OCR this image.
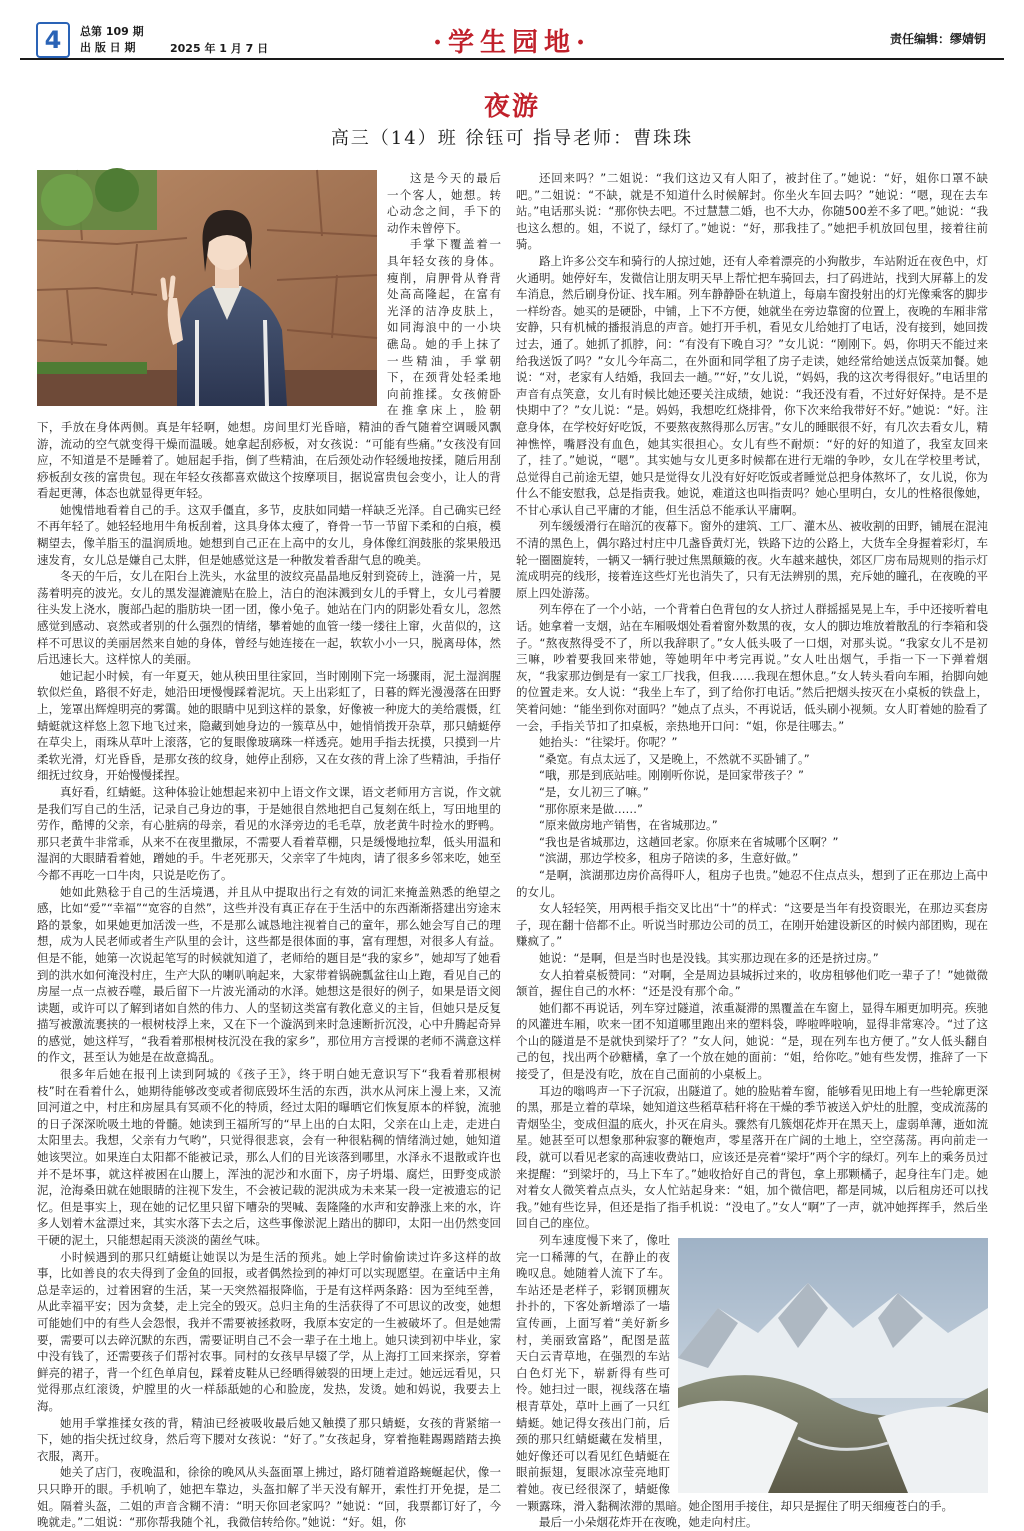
4	总第 109 期
出 版 日 期	2025 年 1 月 7 日	·学生园地·	责任编辑：缪婧钥
夜游
高三（14）班 徐钰可 指导老师：曹珠珠

这是今天的最后一个客人，她想。转心动念之间，手下的动作未曾停下。

手掌下覆盖着一具年轻女孩的身体。瘦削，肩胛骨从脊背处高高隆起，在富有光泽的洁净皮肤上，如同海浪中的一小块礁岛。她的手上抹了一些精油，手掌朝下，在颈背处轻柔地向前推揉。女孩俯卧在推拿床上，脸朝下，手放在身体两侧。真是年轻啊，她想。房间里灯光昏暗，精油的香气随着空调暖风飘游，流动的空气就变得干燥而温暖。她拿起刮痧板，对女孩说：“可能有些痛。”女孩没有回应，不知道是不是睡着了。她屈起手指，倒了些精油，在后颈处动作轻缓地按揉，随后用刮痧板刮女孩的富贵包。现在年轻女孩都喜欢做这个按摩项目，据说富贵包会变小，让人的背看起更薄，体态也就显得更年轻。

她愧惜地看着自己的手。这双手僵直，多节，皮肤如同蜡一样缺乏光泽。自己确实已经不再年轻了。她轻轻地用牛角板刮着，这具身体太瘦了，脊骨一节一节留下柔和的白痕，模糊望去，像羊脂玉的温润质地。她想到自己正在上高中的女儿，身体像红润鼓胀的浆果般迅速发育，女儿总是嫌自己太胖，但是她感觉这是一种散发着香甜气息的晚美。

冬天的午后，女儿在阳台上洗头，水盆里的波纹亮晶晶地反射到瓷砖上，涟漪一片，晃荡着明亮的波光。女儿的黑发湿漉漉贴在脸上，洁白的泡沫溅到女儿的手臂上，女儿弓着腰往头发上浇水，腹部凸起的脂肪块一团一团，像小兔子。她站在门内的阴影处看女儿，忽然感觉到感动、哀然或者别的什么强烈的情绪，攀着她的血管一缕一缕往上窜，火苗似的，这样不可思议的美丽居然来自她的身体，曾经与她连接在一起，软软小小一只，脱离母体，然后迅速长大。这样惊人的美丽。

她记起小时候，有一年夏天，她从秧田里往家回，当时刚刚下完一场骤雨，泥土湿润腥软似烂鱼，路很不好走，她沿田埂慢慢踩着泥坑。天上出彩虹了，日暮的辉光漫漫落在田野上，笼罩出辉煌明亮的雾霭。她的眼睛中见到这样的景象，好像被一种庞大的美给震慑，红蜻蜓就这样悠上忽下地飞过来，隐藏到她身边的一簇草丛中，她悄悄拨开杂草，那只蜻蜓停在草尖上，雨珠从草叶上滚落，它的复眼像玻璃珠一样透亮。她用手指去抚摸，只摸到一片柔软光滑，灯光昏昏，是那女孩的纹身，她停止刮痧，又在女孩的背上涂了些精油，手指仔细抚过纹身，开始慢慢揉捏。

真好看，红蜻蜓。这种体验让她想起来初中上语文作文课，语文老师用方言说，作文就是我们写自己的生活，记录自己身边的事，于是她很自然地把自己复刻在纸上，写田地里的劳作，酷博的父亲，有心脏病的母亲，看见的水泽旁边的毛毛草，放老黄牛时捡水的野鸭。那只老黄牛非常乖，从来不在夜里撒尿，不需要人看着草棚，只是缓慢地拉犁，低头用温和湿润的大眼睛看着她，蹭她的手。牛老死那天，父亲宰了牛炖肉，请了很多乡邻来吃，她至今都不再吃一口牛肉，只说是吃伤了。

她如此熟稔于自己的生活境遇，并且从中提取出行之有效的词汇来掩盖熟悉的绝望之感，比如“爱”“幸福”“宽容的自然”，这些并没有真正存在于生活中的东西渐渐搭建出穷途末路的景象，如果她更加活泼一些，不是那么诚恳地注视着自己的童年，那么她会写自己的理想，成为人民老师或者生产队里的会计，这些都是很体面的事，富有理想，对很多人有益。但是不能，她第一次说起笔写的时候就知道了，老师给的题目是“我的家乡”，她却写了她看到的洪水如何淹没村庄，生产大队的喇叭响起来，大家带着锅碗瓢盆往山上跑，看见自己的房屋一点一点被吞噬，最后留下一片波光涌动的水泽。她想这是很好的例子，如果是语文阅读题，或许可以了解到诸如自然的伟力、人的坚韧这类富有教化意义的主旨，但她只是反复描写被激流裹挟的一根树枝浮上来，又在下一个漩涡到来时急速断折沉没，心中升腾起奇异的感觉，她这样写，“我看着那根树枝沉没在我的家乡”，那位用方言授课的老师不满意这样的作文，甚至认为她是在故意捣乱。

很多年后她在报刊上读到阿城的《孩子王》，终于明白她无意识写下“我看着那根树枝”时在看着什么，她期待能够改变或者彻底毁坏生活的东西，洪水从河床上漫上来，又流回河道之中，村庄和房屋具有冥顽不化的特质，经过太阳的曝晒它们恢复原本的样貌，流驰的日子深深吮吸土地的骨髓。她读到王福所写的“早上出的白太阳，父亲在山上走，走进白太阳里去。我想，父亲有力气哟”，只觉得很悲哀，会有一种很粘稠的情绪淌过她，她知道她该哭泣。如果连白太阳都不能被记录，那么人们的目光该落到哪里，水泽永不退散或许也并不是坏事，就这样被困在山腰上，浑浊的泥沙和水面下，房子坍塌、腐烂，田野变成淤泥，沧海桑田就在她眼睛的注视下发生，不会被记载的泥洪成为未来某一段一定被遗忘的记忆。但是事实上，现在她的记忆里只留下嘈杂的哭喊、轰隆隆的水声和安静涨上来的水，许多人划着木盆漂过来，其实水落下去之后，这些事像淤泥上踏出的脚印，太阳一出仍然变回干硬的泥土，只能想起雨天淡淡的菌丝气味。

小时候遇到的那只红蜻蜓让她误以为是生活的预兆。她上学时偷偷读过许多这样的故事，比如善良的农夫得到了金鱼的回报，或者偶然捡到的神灯可以实现愿望。在童话中主角总是幸运的，过着困窘的生活，某一天突然福报降临，于是有这样两条路：因为至纯至善，从此幸福平安；因为贪婪，走上完全的毁灭。总归主角的生活获得了不可思议的改变，她想可能她们中的有些人会怨恨，我并不需要被拯救呀，我原本安定的一生被破坏了。但是她需要，需要可以去碎沉默的东西，需要证明自己不会一辈子在土地上。她只读到初中毕业，家中没有钱了，还需要孩子们帮衬农事。同村的女孩早早辍了学，从上海打工回来探亲，穿着鲜亮的裙子，背一个红色单肩包，踩着皮鞋从已经晒得皴裂的田埂上走过。她远远看见，只觉得那点红滚烫，炉膛里的火一样舔舐她的心和脸庞，发热，发烫。她和妈说，我要去上海。

她用手掌推揉女孩的背，精油已经被吸收最后她又触摸了那只蜻蜓，女孩的背紧缩一下，她的指尖抚过纹身，然后弯下腰对女孩说：“好了。”女孩起身，穿着拖鞋踢踢踏踏去换衣服，离开。

她关了店门，夜晚温和，徐徐的晚风从头盔面罩上拂过，路灯随着道路蜿蜒起伏，像一只只睁开的眼。手机响了，她把车靠边，头盔扣解了半天没有解开，索性打开免提，是二姐。隔着头盔，二姐的声音含糊不清：“明天你回老家吗？”她说：“回，我票都订好了，今晚就走。”二姐说：“那你帮我随个礼，我微信转给你。”她说：“好。姐，你

还回来吗？”二姐说：“我们这边又有人阳了，被封住了。”她说：“好，姐你口罩不缺吧。”二姐说：“不缺，就是不知道什么时候解封。你坐火车回去吗？”她说：“嗯，现在去车站。”电话那头说：“那你快去吧。不过慧慧二婚，也不大办，你随500差不多了吧。”她说：“我也这么想的。姐，不说了，绿灯了。”她说：“好，那我挂了。”她把手机放回包里，接着往前骑。

路上许多公交车和骑行的人掠过她，还有人牵着漂亮的小狗散步，车站附近在夜色中，灯火通明。她停好车，发微信让朋友明天早上帮忙把车骑回去，扫了码进站，找到大屏幕上的发车消息，然后刷身份证、找车厢。列车静静卧在轨道上，每扇车窗投射出的灯光像乘客的脚步一样纷沓。她买的是硬卧，中铺，上下不方便，她就坐在旁边靠窗的位置上，夜晚的车厢非常安静，只有机械的播报消息的声音。她打开手机，看见女儿给她打了电话，没有接到，她回拨过去，通了。她抓了抓脖，问：“有没有下晚自习？”女儿说：“刚刚下。妈，你明天不能过来给我送饭了吗？”女儿今年高二，在外面和同学租了房子走读，她经常给她送点饭菜加餐。她说：“对，老家有人结婚，我回去一趟。”“好，”女儿说，“妈妈，我的这次考得很好。”电话里的声音有点笑意，女儿有时候比她还要关注成绩，她说：“我还没有看，不过好好保持。是不是快期中了？”女儿说：“是。妈妈，我想吃红烧排骨，你下次来给我带好不好。”她说：“好。注意身体，在学校好好吃饭，不要熬夜熬得那么厉害。”女儿的睡眠很不好，有几次去看女儿，精神憔悴，嘴唇没有血色，她其实很担心。女儿有些不耐烦：“好的好的知道了，我室友回来了，挂了。”她说，“嗯”。其实她与女儿更多时候都在进行无端的争吵，女儿在学校里考试，总觉得自己前途无望，她只是觉得女儿没有好好吃饭或者睡觉总把身体熬坏了，女儿说，你为什么不能安慰我，总是指责我。她说，难道这也叫指责吗？她心里明白，女儿的性格很像她，不甘心承认自己平庸的才能，但生活总不能承认平庸啊。

列车缓缓滑行在暗沉的夜幕下。窗外的建筑、工厂、灌木丛、被收割的田野，铺展在混沌不清的黑色上，偶尔路过村庄中几盏昏黄灯光，铁路下边的公路上，大货车全身握着彩灯，车轮一圈圈旋转，一辆又一辆行驶过焦黑颠簸的夜。火车越来越快，郊区厂房布局规则的指示灯流成明亮的线形，接着连这些灯光也消失了，只有无法辨别的黑，充斥她的瞳孔，在夜晚的平原上四处游荡。

列车停在了一个小站，一个背着白色背包的女人挤过人群摇摇晃晃上车，手中还接听着电话。她拿着一支烟，站在车厢吸烟处看着窗外数黑的夜，女人的脚边堆放着散乱的行李箱和袋子。“熬夜熬得受不了，所以我辞职了。”女人低头吸了一口烟，对那头说。“我家女儿不是初三嘛，吵着要我回来带她，等她明年中考完再说。”女人吐出烟气，手指一下一下弹着烟灰，“我家那边倒是有一家工厂找我，但我……我现在想休息。”女人转头看向车厢，抬脚向她的位置走来。女人说：“我坐上车了，到了给你打电话。”然后把烟头按灭在小桌板的铁盘上，笑着问她：“能坐到你对面吗？”她点了点头，不再说话，低头刷小视频。女人盯着她的脸看了一会，手指关节扣了扣桌板，亲热地开口问：“姐，你是往哪去。”

她抬头：“往梁圩。你呢？”

“桑宽。有点太远了，又是晚上，不然就不买卧铺了。”

“哦，那是到底站哇。刚刚听你说，是回家带孩子？”

“是，女儿初三了嘛。”

“那你原来是做……”

“原来做房地产销售，在省城那边。”

“我也是省城那边，这趟回老家。你原来在省城哪个区啊？”

“滨湖，那边学校多，租房子陪读的多，生意好做。”

“是啊，滨湖那边房价高得吓人，租房子也贵。”她忍不住点点头，想到了正在那边上高中的女儿。

女人轻轻笑，用两根手指交叉比出“十”的样式：“这要是当年有投资眼光，在那边买套房子，现在翻十倍都不止。听说当时那边公司的员工，在刚开始建设新区的时候内部团购，现在赚疯了。”

她说：“是啊，但是当时也是没钱。其实那边现在多的还是挤过房。”

女人拍着桌板赞同：“对啊，全是周边县城拆过来的，收房租够他们吃一辈子了！”她微微颔首，握住自己的水杯：“还是没有那个命。”

她们都不再说话，列车穿过隧道，浓重凝滞的黑覆盖在车窗上，显得车厢更加明亮。疾驰的风灌进车厢，吹来一团不知道哪里跑出来的塑料袋，哗啦哗啦响，显得非常寒冷。“过了这个山的隧道是不是就快到梁圩了？”女人问，她说：“是，现在列车也方便了。”女人低头翻自己的包，找出两个砂糖橘，拿了一个放在她的面前：“姐，给你吃。”她有些发愣，推辞了一下接受了，但是没有吃，放在自己面前的小桌板上。

耳边的嗡鸣声一下子沉寂，出隧道了。她的脸贴着车窗，能够看见田地上有一些轮廓更深的黑，那是立着的草垛，她知道这些稻草秸秆将在干燥的季节被送入炉灶的肚膛，变成流荡的青烟坠尘，变成但温的底火，扑灭在肩头。骤然有几簇烟花炸开在黑天上，虚弱单薄，逝如流星。她甚至可以想象那种寂寥的鞭炮声，零星落开在广阔的土地上，空空荡荡。再向前走一段，就可以看见老家的高速收费站口，应该还是亮着“梁圩”两个字的绿灯。列车上的乘务员过来提醒：“到梁圩的，马上下车了。”她收拾好自己的背包，拿上那颗橘子，起身往车门走。她对着女人微笑着点点头，女人忙站起身来：“姐，加个微信吧，都是同城，以后租房还可以找我。”她有些讫异，但还是指了指手机说：“没电了。”女人“啊”了一声，就冲她挥挥手，然后坐回自己的座位。

列车速度慢下来了，像吐完一口稀薄的气，在静止的夜晚叹息。她随着人流下了车。车站还是老样子，彩钢顶棚灰扑扑的，下客处新增添了一墙宣传画，上面写着“美好新乡村，美丽致富路”，配图是蓝天白云青草地，在强烈的车站白色灯光下，崭新得有些可怜。她扫过一眼，视线落在墙根青草处，草叶上画了一只红蜻蜓。她记得女孩出门前，后颈的那只红蜻蜓藏在发梢里，她好像还可以看见红色蜻蜓在眼前振翅，复眼冰凉莹亮地盯着她。夜已经很深了，蜻蜓像一颗露珠，滑入黏稠浓滞的黑暗。她企图用手接住，却只是握住了明天细瘦苍白的手。

最后一小朵烟花炸开在夜晚，她走向村庄。
